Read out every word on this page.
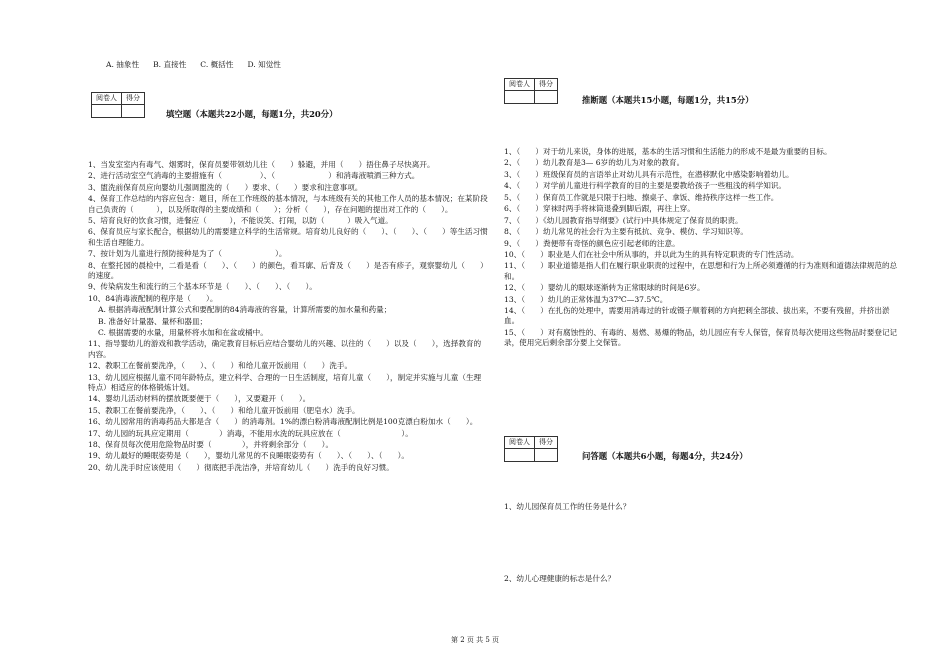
A. 抽象性 B. 直接性 C. 概括性 D. 知觉性
阅卷人	得分

填空题（本题共22小题，每题1分，共20分）

1、当发室室内有毒气、烟雾时，保育员要带领幼儿往（　　）躲避，并用（　　）捂住鼻子尽快离开。

2、进行活动室空气消毒的主要措施有（　　　　　）、（　　　　　　　）和消毒液喷洒三种方式。

3、盥洗前保育员应向婴幼儿强调盥洗的（　　）要求、（　　）要求和注意事项。

4、保育工作总结的内容应包含：题目，所在工作班级的基本情况，与本班级有关的其他工作人员的基本情况；在某阶段自己负责的（　　　），以及所取得的主要成绩和（　　）；分析（　　），存在问题的提出对工作的（　　）。

5、培育良好的饮食习惯，进餐应（　　　），不能说笑、打闹，以防（　　　）吸入气道。

6、保育员应与家长配合，根据幼儿的需要建立科学的生活常规。培育幼儿良好的（　　）、（　　）、（　　）等生活习惯和生活自理能力。

7、按计划为儿童进行预防接种是为了（　　　　　　　）。

8、在整托园的晨检中，二看是看（　　）、（　　）的颜色，看耳廓、后背及（　　）是否有疹子，观察婴幼儿（　　）的速度。

9、传染病发生和流行的三个基本环节是（　　）、（　　）、（　　）。

10、84消毒液配制的程序是（　　）。

A. 根据消毒液配制计算公式和要配制的84消毒液的容量，计算所需要的加水量和药量；

B. 准备好计量器、量杯和器皿；

C. 根据需要的水量，用量杯将水加和在盆或桶中。

11、指导婴幼儿的游戏和教学活动，确定教育目标后应结合婴幼儿的兴趣、以往的（　　）以及（　　），选择教育的内容。

12、教职工在餐前要洗净，（　　）、（　　）和给儿童开饭前用（　　）洗手。

13、幼儿园应根据儿童不同年龄特点，建立科学、合理的一日生活制度，培育儿童（　　），制定并实施与儿童（生理特点）相适应的体格锻炼计划。

14、婴幼儿活动材料的摆放既要便于（　　），又要避开（　　）。

15、教职工在餐前要洗净，（　　）、（　　）和给儿童开饭前用（肥皂水）洗手。

16、幼儿园常用的消毒药品大都是含（　　）的消毒剂。1%的漂白粉消毒液配制比例是100克漂白粉加水（　　）。

17、幼儿园的玩具应定期用（　　　　）消毒，不能用水洗的玩具应放在（　　　　　　　　）。

18、保育员每次使用危险物品时要（　　　　），并将剩余部分（　　）。

19、幼儿最好的睡眠姿势是（　　），婴幼儿常见的不良睡眠姿势有（　　）、（　　）、（　　）。

20、幼儿洗手时应该使用（　　）彻底把手洗洁净，并培育幼儿（　　）洗手的良好习惯。

阅卷人	得分

推断题（本题共15小题，每题1分，共15分）

1、（　　）对于幼儿来说，身体的进展，基本的生活习惯和生活能力的形成不是最为重要的目标。

2、（　　）幼儿教育是3— 6岁的幼儿为对象的教育。

3、（　　）班级保育员的言语举止对幼儿具有示范性，在潜移默化中感染影响着幼儿。

4、（　　）对学前儿童进行科学教育的目的主要是要教给孩子一些粗浅的科学知识。

5、（　　）保育员工作就是只限于扫地、擦桌子、拿饭、维持秩序这样一些工作。

6、（　　）穿袜时两手将袜筒退叠到脚后跟，再往上穿。

7、（　　）《幼儿园教育指导纲要》(试行)中具体规定了保育员的职责。

8、（　　）幼儿常见的社会行为主要有抵抗、竞争、模仿、学习知识等。

9、（　　）粪便带有奇怪的颜色应引起老师的注意。

10、（　　）职业是人们在社会中所从事的，并以此为生的具有特定职责的专门性活动。

11、（　　）职业道德是指人们在履行职业职责的过程中，在思想和行为上所必须遵循的行为准则和道德法律规范的总和。

12、（　　）婴幼儿的眼球逐渐转为正常眼球的时间是6岁。

13、（　　）幼儿的正常体温为37℃—37.5℃。

14、（　　）在扎伤的处理中，需要用消毒过的针或镊子顺着刺的方向把刺全部拔、拔出来，不要有残留，并挤出淤血。

15、（　　）对有腐蚀性的、有毒的、易燃、易爆的物品，幼儿园应有专人保管，保育员每次使用这些物品时要登记记录，使用完后剩余部分要上交保管。

阅卷人	得分

问答题（本题共6小题，每题4分，共24分）

1、幼儿园保育员工作的任务是什么？

2、幼儿心理健康的标志是什么？

第 2 页 共 5 页
